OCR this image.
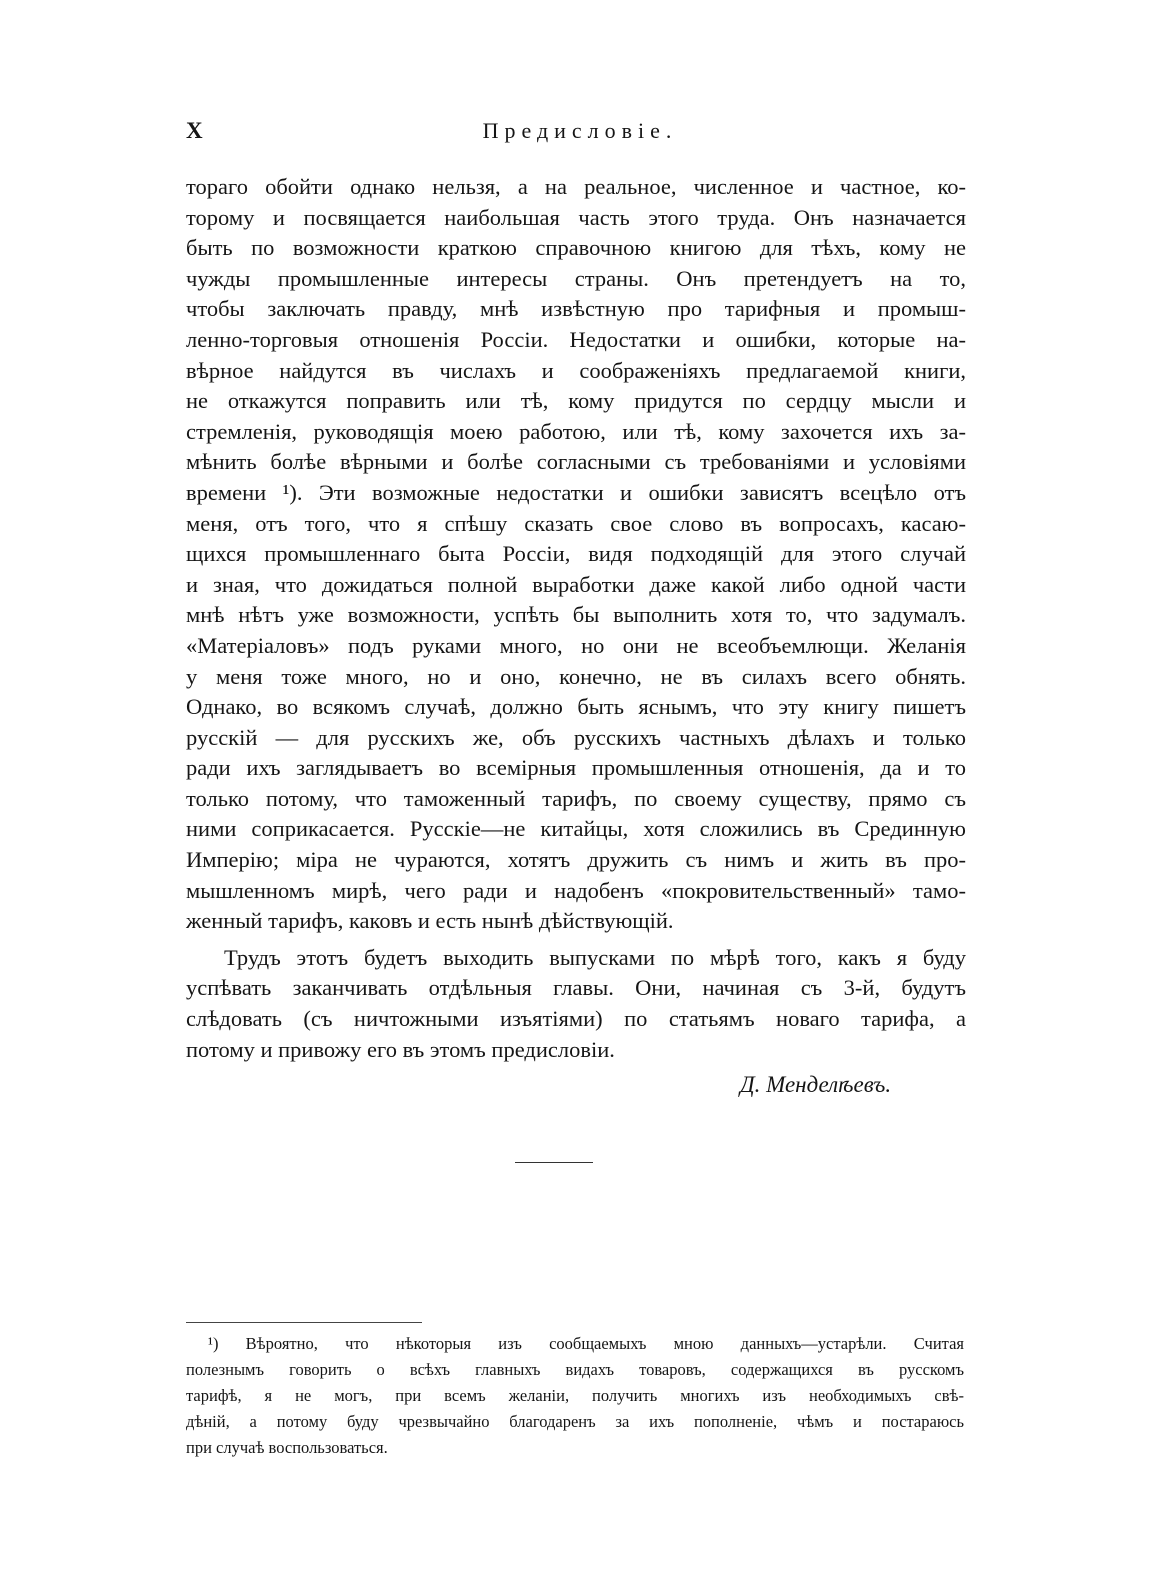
X	Предисловіе.
тораго обойти однако нельзя, а на реальное, численное и частное, ко-
торому и посвящается наибольшая часть этого труда. Онъ назначается
быть по возможности краткою справочною книгою для тѣхъ, кому не
чужды промышленные интересы страны. Онъ претендуетъ на то,
чтобы заключать правду, мнѣ извѣстную про тарифныя и промыш-
ленно-торговыя отношенія Россіи. Недостатки и ошибки, которые на-
вѣрное найдутся въ числахъ и соображеніяхъ предлагаемой книги,
не откажутся поправить или тѣ, кому придутся по сердцу мысли и
стремленія, руководящія моею работою, или тѣ, кому захочется ихъ за-
мѣнить болѣе вѣрными и болѣе согласными съ требованіями и условіями
времени ¹). Эти возможные недостатки и ошибки зависятъ всецѣло отъ
меня, отъ того, что я спѣшу сказать свое слово въ вопросахъ, касаю-
щихся промышленнаго быта Россіи, видя подходящій для этого случай
и зная, что дожидаться полной выработки даже какой либо одной части
мнѣ нѣтъ уже возможности, успѣть бы выполнить хотя то, что задумалъ.
«Матеріаловъ» подъ руками много, но они не всеобъемлющи. Желанія
у меня тоже много, но и оно, конечно, не въ силахъ всего обнять.
Однако, во всякомъ случаѣ, должно быть яснымъ, что эту книгу пишетъ
русскій — для русскихъ же, объ русскихъ частныхъ дѣлахъ и только
ради ихъ заглядываетъ во всемірныя промышленныя отношенія, да и то
только потому, что таможенный тарифъ, по своему существу, прямо съ
ними соприкасается. Русскіе—не китайцы, хотя сложились въ Срединную
Имперію; міра не чураются, хотятъ дружить съ нимъ и жить въ про-
мышленномъ мирѣ, чего ради и надобенъ «покровительственный» тамо-
женный тарифъ, каковъ и есть нынѣ дѣйствующій.
Трудъ этотъ будетъ выходить выпусками по мѣрѣ того, какъ я буду
успѣвать заканчивать отдѣльныя главы. Они, начиная съ 3-й, будутъ
слѣдовать (съ ничтожными изъятіями) по статьямъ новаго тарифа, а
потому и привожу его въ этомъ предисловіи.
Д. Менделѣевъ.
¹) Вѣроятно, что нѣкоторыя изъ сообщаемыхъ мною данныхъ—устарѣли. Считая
полезнымъ говорить о всѣхъ главныхъ видахъ товаровъ, содержащихся въ русскомъ
тарифѣ, я не могъ, при всемъ желаніи, получить многихъ изъ необходимыхъ свѣ-
дѣній, а потому буду чрезвычайно благодаренъ за ихъ пополненіе, чѣмъ и постараюсь
при случаѣ воспользоваться.
